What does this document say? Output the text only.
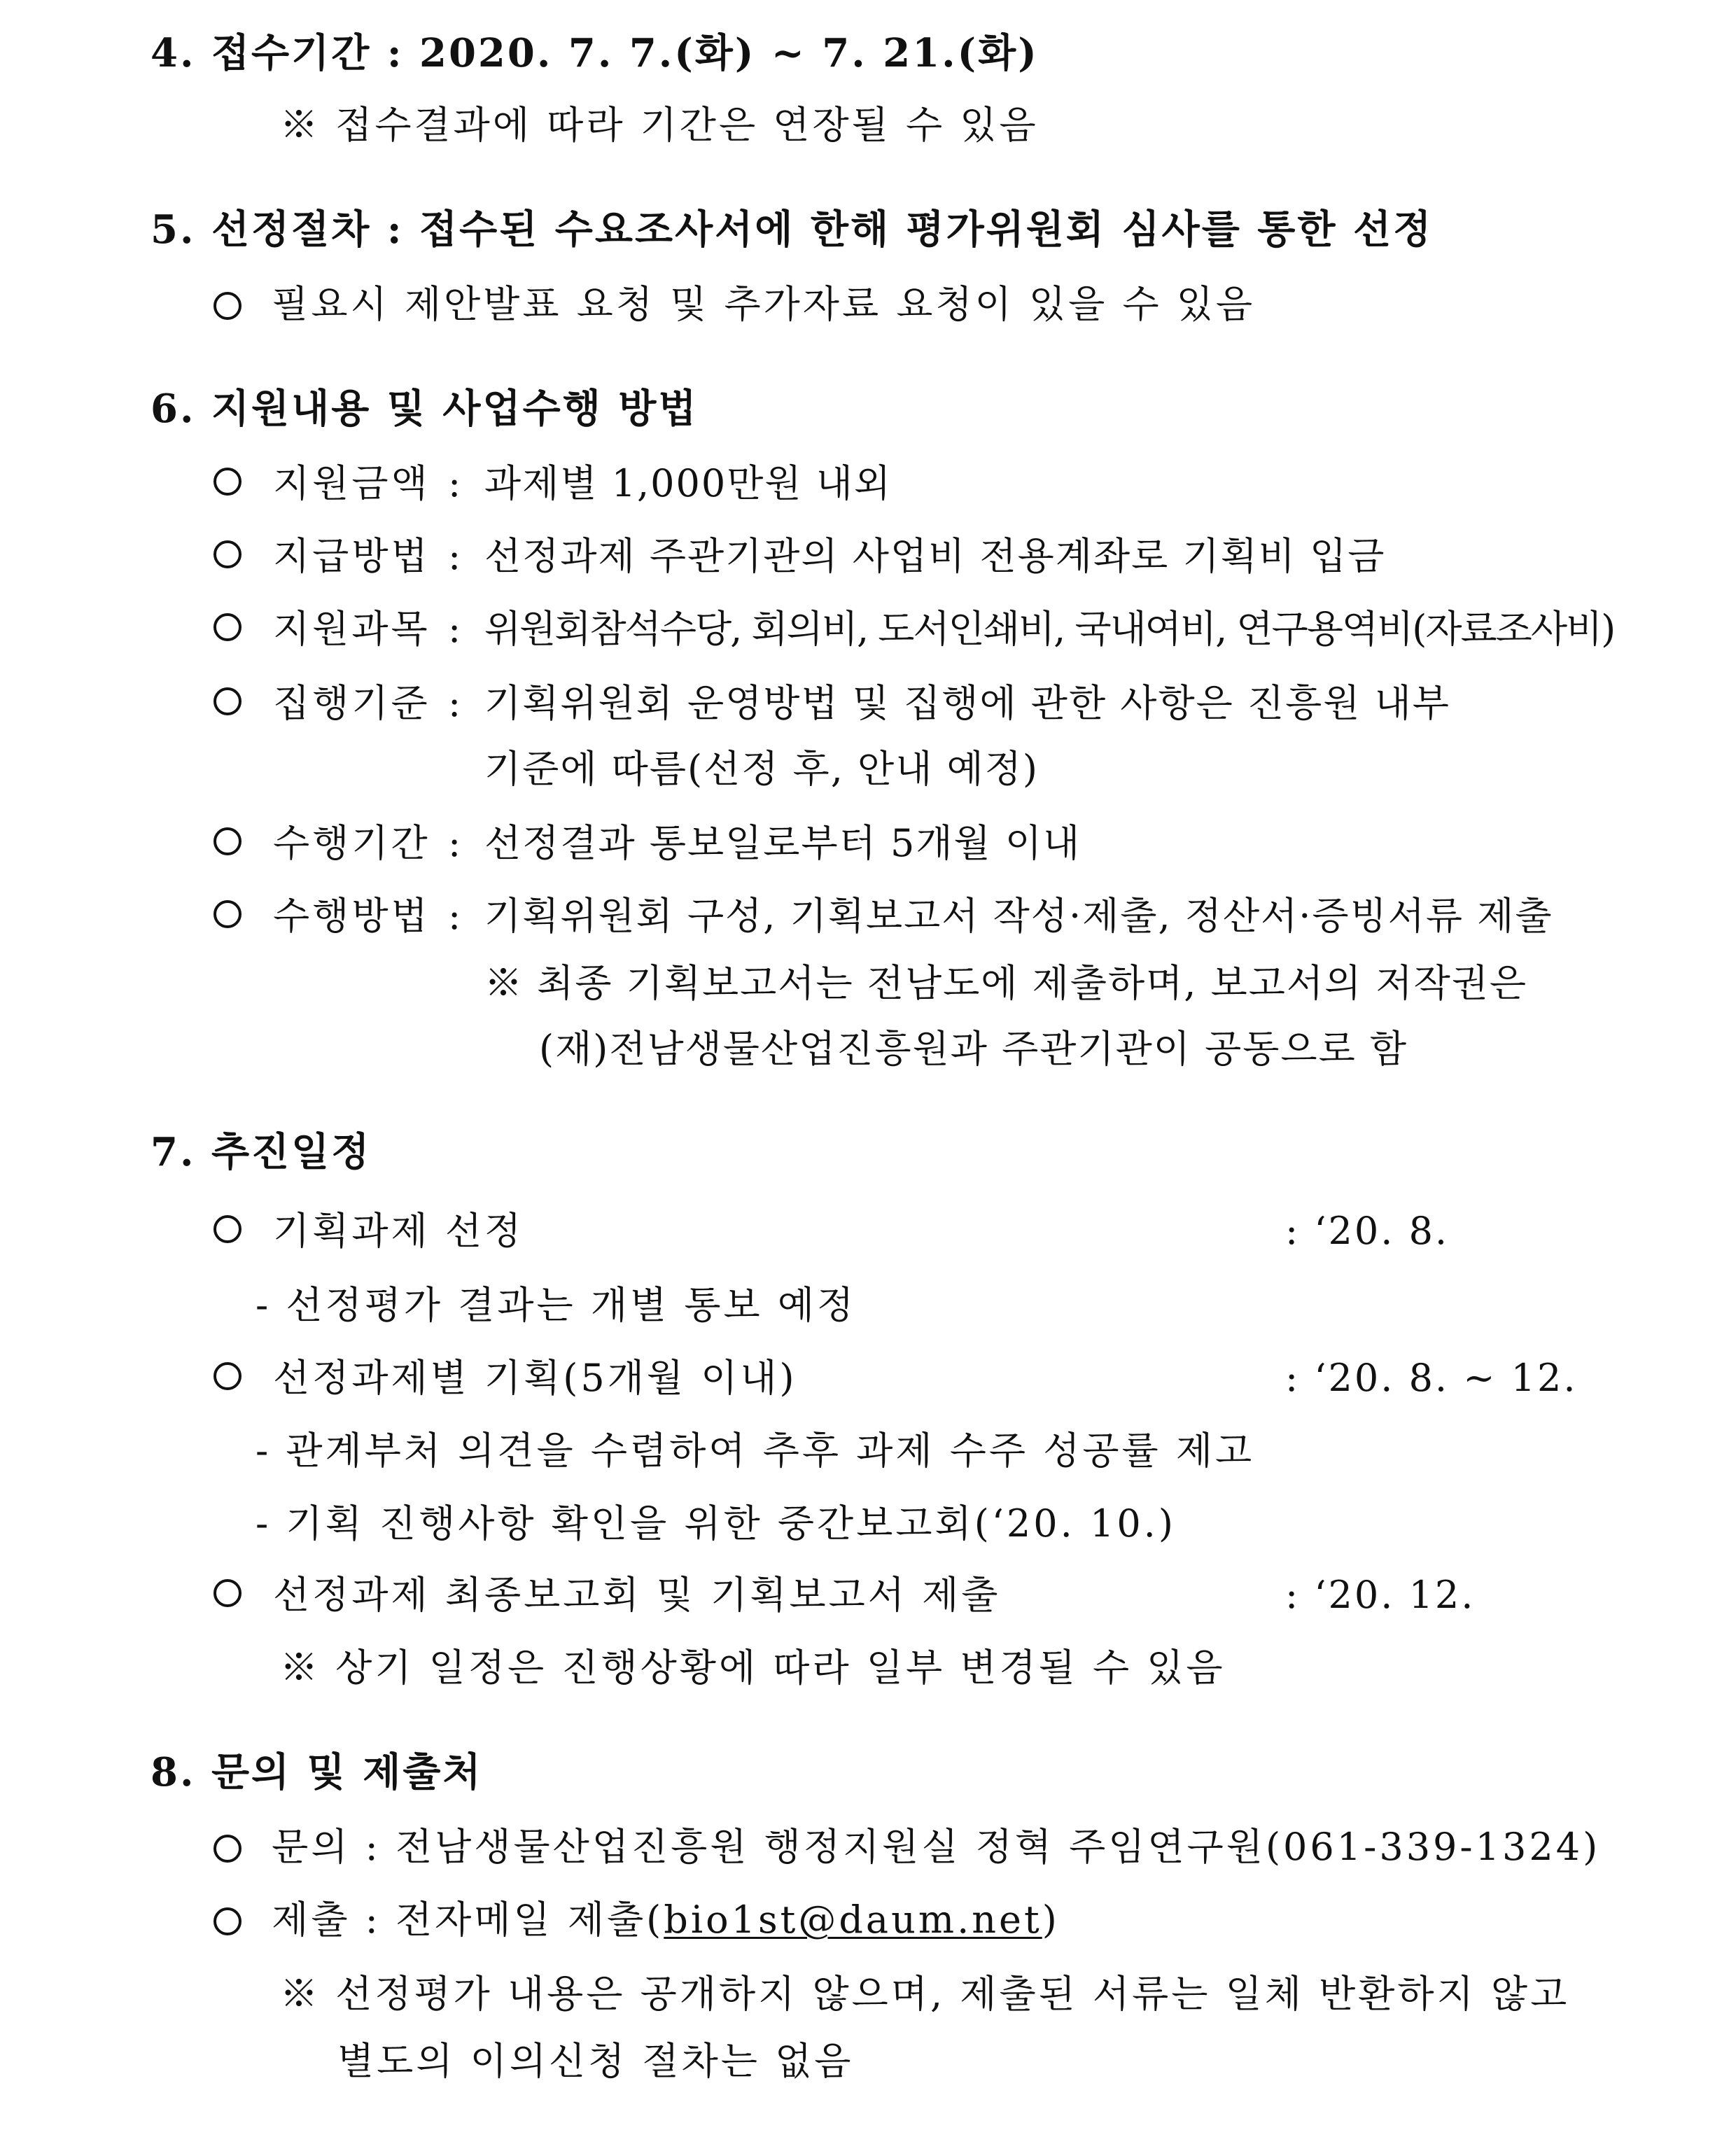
4. 접수기간 : 2020. 7. 7.(화) ~ 7. 21.(화)
※ 접수결과에 따라 기간은 연장될 수 있음
5. 선정절차 : 접수된 수요조사서에 한해 평가위원회 심사를 통한 선정
필요시 제안발표 요청 및 추가자료 요청이 있을 수 있음
6. 지원내용 및 사업수행 방법
지원금액 : 과제별 1,000만원 내외
지급방법 : 선정과제 주관기관의 사업비 전용계좌로 기획비 입금
지원과목 : 위원회참석수당, 회의비, 도서인쇄비, 국내여비, 연구용역비(자료조사비)
집행기준 : 기획위원회 운영방법 및 집행에 관한 사항은 진흥원 내부
기준에 따름(선정 후, 안내 예정)
수행기간 : 선정결과 통보일로부터 5개월 이내
수행방법 : 기획위원회 구성, 기획보고서 작성·제출, 정산서·증빙서류 제출
※ 최종 기획보고서는 전남도에 제출하며, 보고서의 저작권은
(재)전남생물산업진흥원과 주관기관이 공동으로 함
7. 추진일정
기획과제 선정	: ‘20. 8.
- 선정평가 결과는 개별 통보 예정
선정과제별 기획(5개월 이내)	: ‘20. 8. ~ 12.
- 관계부처 의견을 수렴하여 추후 과제 수주 성공률 제고
- 기획 진행사항 확인을 위한 중간보고회(‘20. 10.)
선정과제 최종보고회 및 기획보고서 제출	: ‘20. 12.
※ 상기 일정은 진행상황에 따라 일부 변경될 수 있음
8. 문의 및 제출처
문의 : 전남생물산업진흥원 행정지원실 정혁 주임연구원(061-339-1324)
제출 : 전자메일 제출(bio1st@daum.net)
※ 선정평가 내용은 공개하지 않으며, 제출된 서류는 일체 반환하지 않고
별도의 이의신청 절차는 없음
